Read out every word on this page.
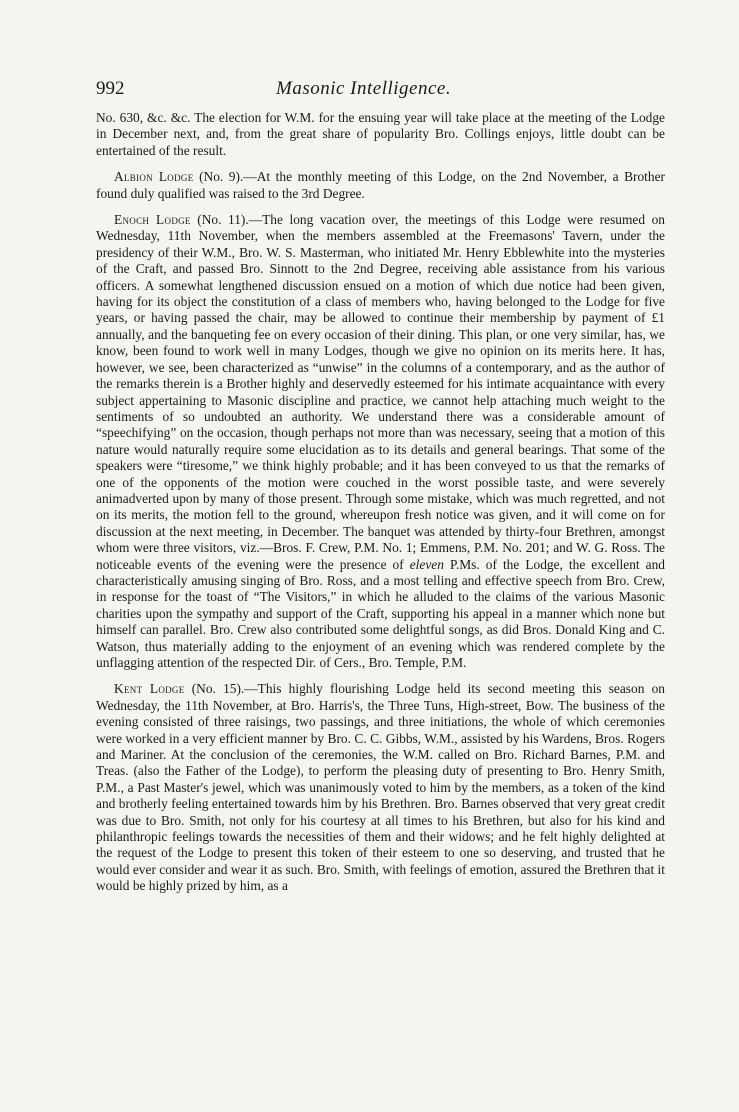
992	Masonic Intelligence.

No. 630, &c. &c. The election for W.M. for the ensuing year will take place at the meeting of the Lodge in December next, and, from the great share of popularity Bro. Collings enjoys, little doubt can be entertained of the result.

Albion Lodge (No. 9).—At the monthly meeting of this Lodge, on the 2nd November, a Brother found duly qualified was raised to the 3rd Degree.

Enoch Lodge (No. 11).—The long vacation over, the meetings of this Lodge were resumed on Wednesday, 11th November, when the members assembled at the Freemasons' Tavern, under the presidency of their W.M., Bro. W. S. Masterman, who initiated Mr. Henry Ebblewhite into the mysteries of the Craft, and passed Bro. Sinnott to the 2nd Degree, receiving able assistance from his various officers. A somewhat lengthened discussion ensued on a motion of which due notice had been given, having for its object the constitution of a class of members who, having belonged to the Lodge for five years, or having passed the chair, may be allowed to continue their membership by payment of £1 annually, and the banqueting fee on every occasion of their dining. This plan, or one very similar, has, we know, been found to work well in many Lodges, though we give no opinion on its merits here. It has, however, we see, been characterized as “unwise” in the columns of a contemporary, and as the author of the remarks therein is a Brother highly and deservedly esteemed for his intimate acquaintance with every subject appertaining to Masonic discipline and practice, we cannot help attaching much weight to the sentiments of so undoubted an authority. We understand there was a considerable amount of “speechifying” on the occasion, though perhaps not more than was necessary, seeing that a motion of this nature would naturally require some elucidation as to its details and general bearings. That some of the speakers were “tiresome,” we think highly probable; and it has been conveyed to us that the remarks of one of the opponents of the motion were couched in the worst possible taste, and were severely animadverted upon by many of those present. Through some mistake, which was much regretted, and not on its merits, the motion fell to the ground, whereupon fresh notice was given, and it will come on for discussion at the next meeting, in December. The banquet was attended by thirty-four Brethren, amongst whom were three visitors, viz.—Bros. F. Crew, P.M. No. 1; Emmens, P.M. No. 201; and W. G. Ross. The noticeable events of the evening were the presence of eleven P.Ms. of the Lodge, the excellent and characteristically amusing singing of Bro. Ross, and a most telling and effective speech from Bro. Crew, in response for the toast of “The Visitors,” in which he alluded to the claims of the various Masonic charities upon the sympathy and support of the Craft, supporting his appeal in a manner which none but himself can parallel. Bro. Crew also contributed some delightful songs, as did Bros. Donald King and C. Watson, thus materially adding to the enjoyment of an evening which was rendered complete by the unflagging attention of the respected Dir. of Cers., Bro. Temple, P.M.

Kent Lodge (No. 15).—This highly flourishing Lodge held its second meeting this season on Wednesday, the 11th November, at Bro. Harris's, the Three Tuns, High-street, Bow. The business of the evening consisted of three raisings, two passings, and three initiations, the whole of which ceremonies were worked in a very efficient manner by Bro. C. C. Gibbs, W.M., assisted by his Wardens, Bros. Rogers and Mariner. At the conclusion of the ceremonies, the W.M. called on Bro. Richard Barnes, P.M. and Treas. (also the Father of the Lodge), to perform the pleasing duty of presenting to Bro. Henry Smith, P.M., a Past Master's jewel, which was unanimously voted to him by the members, as a token of the kind and brotherly feeling entertained towards him by his Brethren. Bro. Barnes observed that very great credit was due to Bro. Smith, not only for his courtesy at all times to his Brethren, but also for his kind and philanthropic feelings towards the necessities of them and their widows; and he felt highly delighted at the request of the Lodge to present this token of their esteem to one so deserving, and trusted that he would ever consider and wear it as such. Bro. Smith, with feelings of emotion, assured the Brethren that it would be highly prized by him, as a
